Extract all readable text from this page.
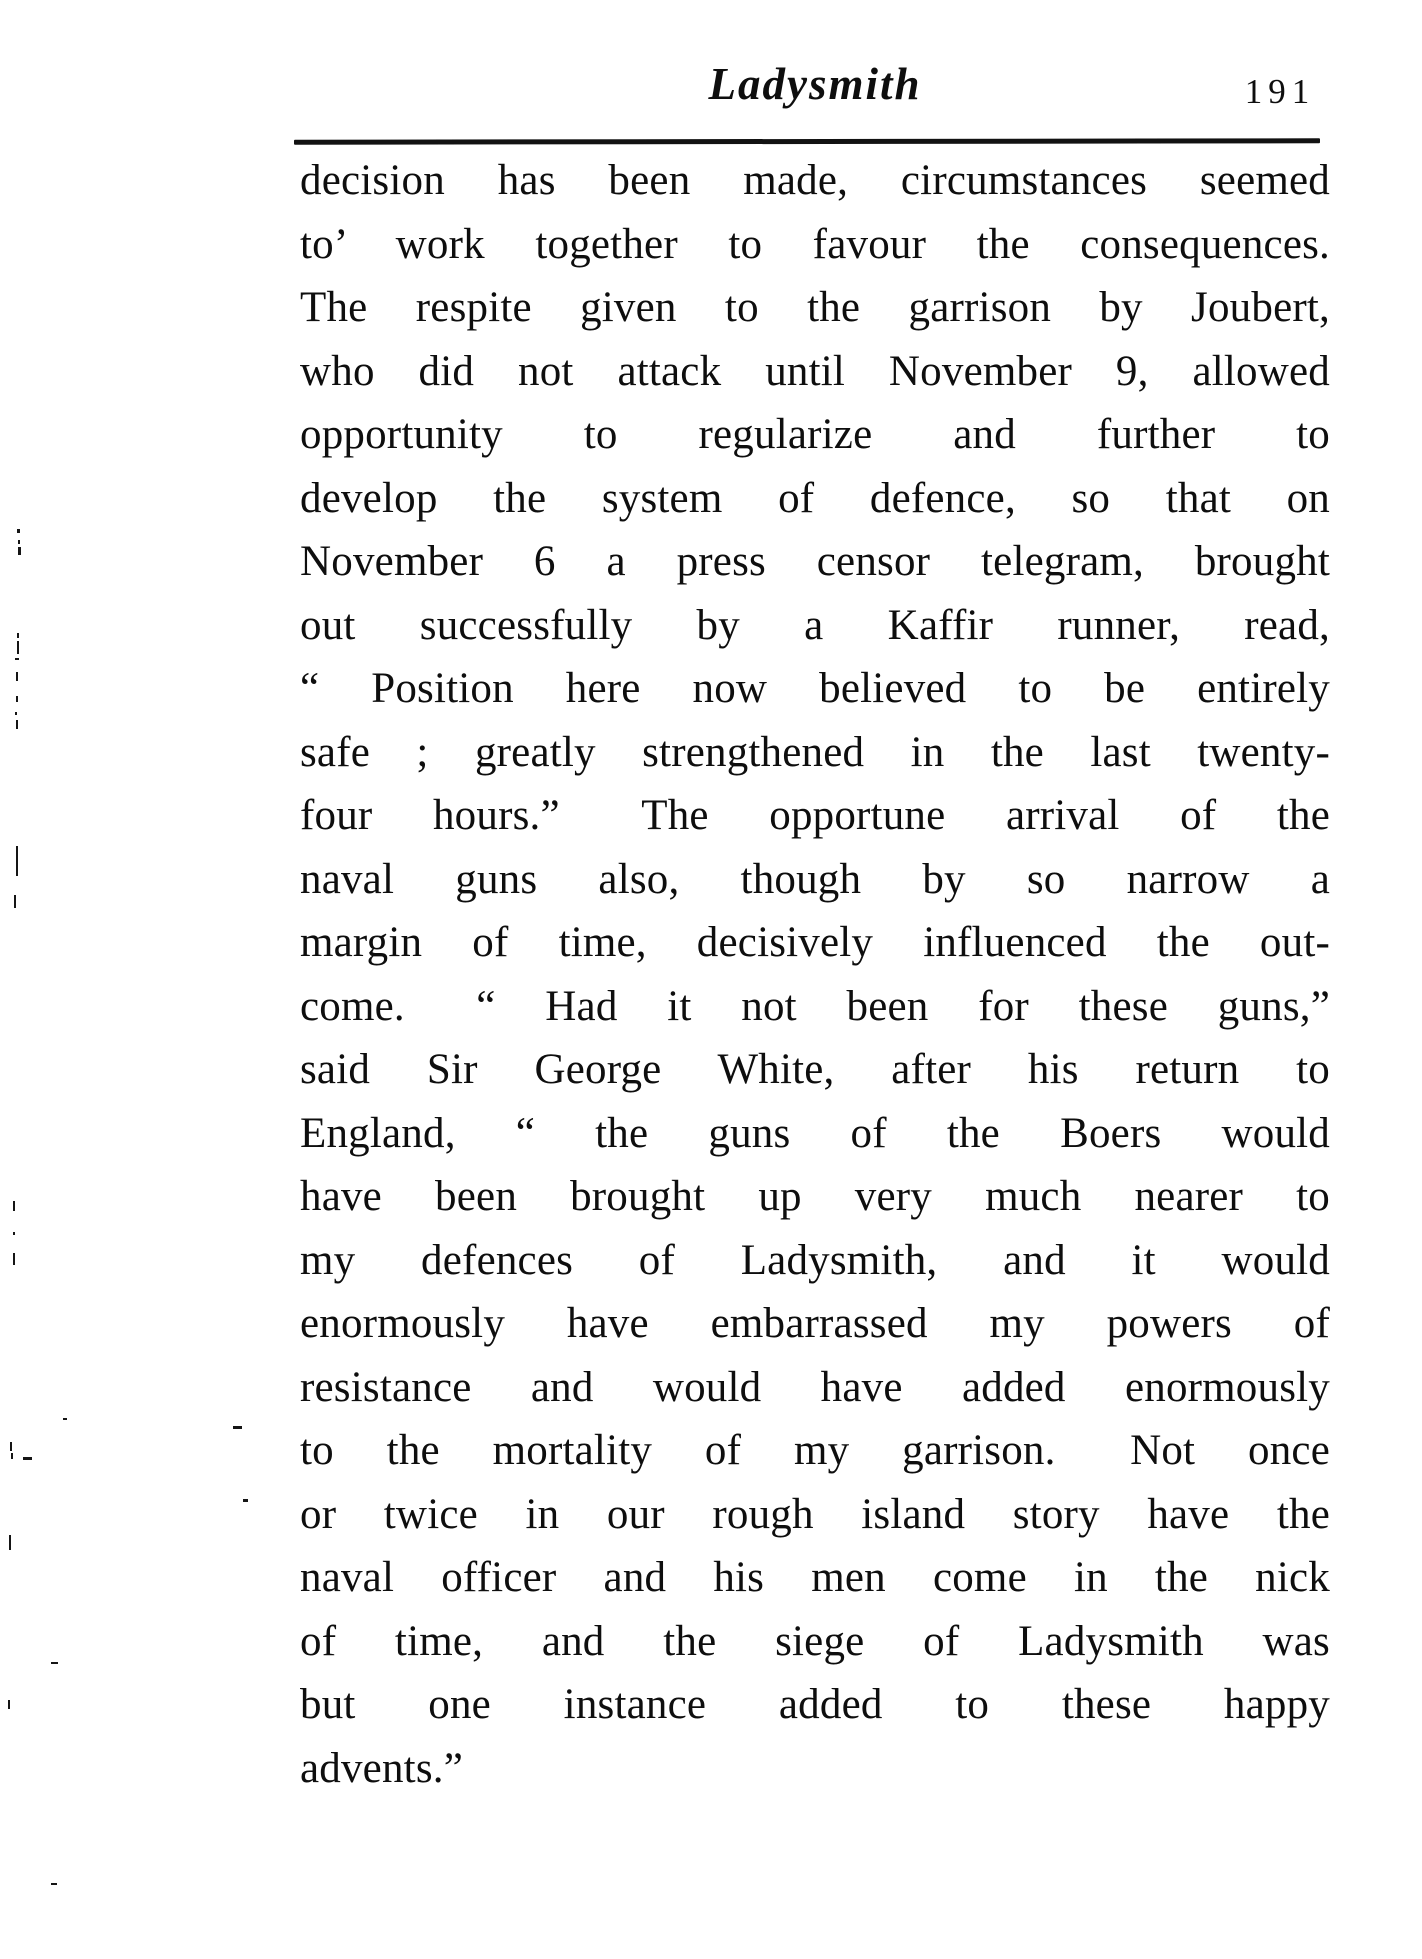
Ladysmith	191
decision has been made, circumstances seemed
to’ work together to favour the consequences.
The respite given to the garrison by Joubert,
who did not attack until November 9, allowed
opportunity to regularize and further to
develop the system of defence, so that on
November 6 a press censor telegram, brought
out successfully by a Kaffir runner, read,
“ Position here now believed to be entirely
safe ; greatly strengthened in the last twenty-
four hours.”  The opportune arrival of the
naval guns also, though by so narrow a
margin of time, decisively influenced the out-
come.  “ Had it not been for these guns,”
said Sir George White, after his return to
England, “ the guns of the Boers would
have been brought up very much nearer to
my defences of Ladysmith, and it would
enormously have embarrassed my powers of
resistance and would have added enormously
to the mortality of my garrison.  Not once
or twice in our rough island story have the
naval officer and his men come in the nick
of time, and the siege of Ladysmith was
but one instance added to these happy
advents.”
